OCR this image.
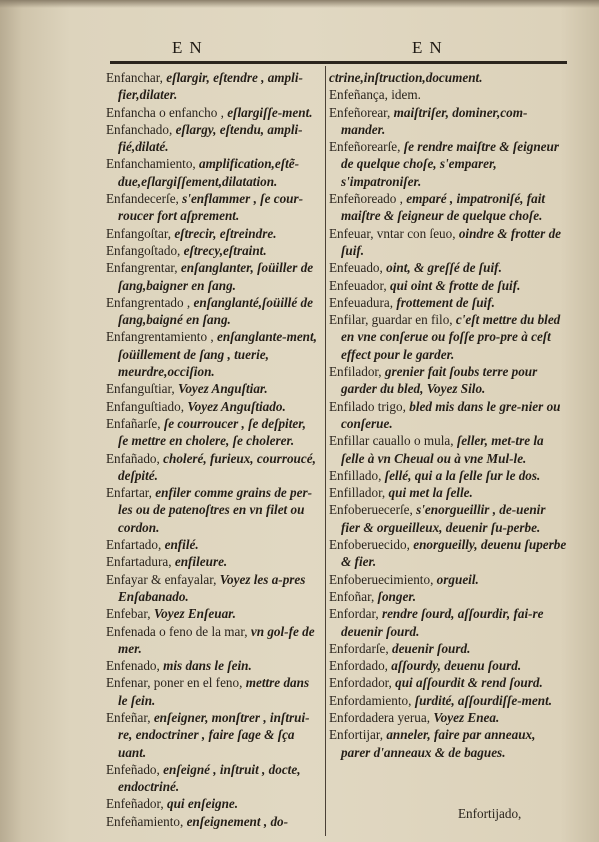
EN	EN

Enfanchar, eſlargir, eſtendre , ampli-fier,dilater.

Enfancha o enfancho , eſlargiſſe-ment.

Enfanchado, eſlargy, eſtendu, ampli-fié,dilaté.

Enfanchamiento, amplification,eſtẽ-due,eſlargiſſement,dilatation.

Enfandecerſe, s'enflammer , ſe cour-roucer fort aſprement.

Enfangoſtar, eſtrecir, eſtreindre.

Enfangoſtado, eſtrecy,eſtraint.

Enfangrentar, enſanglanter, ſoüiller de ſang,baigner en ſang.

Enfangrentado , enſanglanté,ſoüillé de ſang,baigné en ſang.

Enfangrentamiento , enſanglante-ment, ſoüillement de ſang , tuerie, meurdre,occiſion.

Enfanguſtiar, Voyez Anguſtiar.

Enfanguſtiado, Voyez Anguſtiado.

Enfañarſe, ſe courroucer , ſe deſpiter, ſe mettre en cholere, ſe cholerer.

Enfañado, choleré, furieux, courroucé, deſpité.

Enfartar, enfiler comme grains de per-les ou de patenoſtres en vn filet ou cordon.

Enfartado, enfilé.

Enfartadura, enfileure.

Enfayar & enfayalar, Voyez les a-pres Enſabanado.

Enfebar, Voyez Enſeuar.

Enfenada o feno de la mar, vn gol-fe de mer.

Enfenado, mis dans le ſein.

Enfenar, poner en el feno, mettre dans le ſein.

Enfeñar, enſeigner, monſtrer , inſtrui-re, endoctriner , faire ſage & ſça uant.

Enfeñado, enſeigné , inſtruit , docte, endoctriné.

Enfeñador, qui enſeigne.

Enfeñamiento, enſeignement , do-

ctrine,inſtruction,document.

Enfeñança, idem.

Enfeñorear, maiſtriſer, dominer,com-mander.

Enfeñorearſe, ſe rendre maiſtre & ſeigneur de quelque choſe, s'emparer, s'impatroniſer.

Enfeñoreado , emparé , impatroniſé, fait maiſtre & ſeigneur de quelque choſe.

Enfeuar, vntar con ſeuo, oindre & frotter de ſuif.

Enfeuado, oint, & greſſé de ſuif.

Enfeuador, qui oint & frotte de ſuif.

Enfeuadura, frottement de ſuif.

Enfilar, guardar en filo, c'eſt mettre du bled en vne conſerue ou foſſe pro-pre à ceſt effect pour le garder.

Enfilador, grenier fait ſoubs terre pour garder du bled, Voyez Silo.

Enfilado trigo, bled mis dans le gre-nier ou conſerue.

Enfillar cauallo o mula, ſeller, met-tre la ſelle à vn Cheual ou à vne Mul-le.

Enfillado, ſellé, qui a la ſelle ſur le dos.

Enfillador, qui met la ſelle.

Enfoberuecerſe, s'enorgueillir , de-uenir fier & orgueilleux, deuenir ſu-perbe.

Enfoberuecido, enorgueilly, deuenu ſuperbe & fier.

Enfoberuecimiento, orgueil.

Enfoñar, ſonger.

Enfordar, rendre ſourd, aſſourdir, fai-re deuenir ſourd.

Enfordarſe, deuenir ſourd.

Enfordado, aſſourdy, deuenu ſourd.

Enfordador, qui aſſourdit & rend ſourd.

Enfordamiento, ſurdité, aſſourdiſſe-ment.

Enfordadera yerua, Voyez Enea.

Enfortijar, anneler, faire par anneaux, parer d'anneaux & de bagues.

Enfortijado,
